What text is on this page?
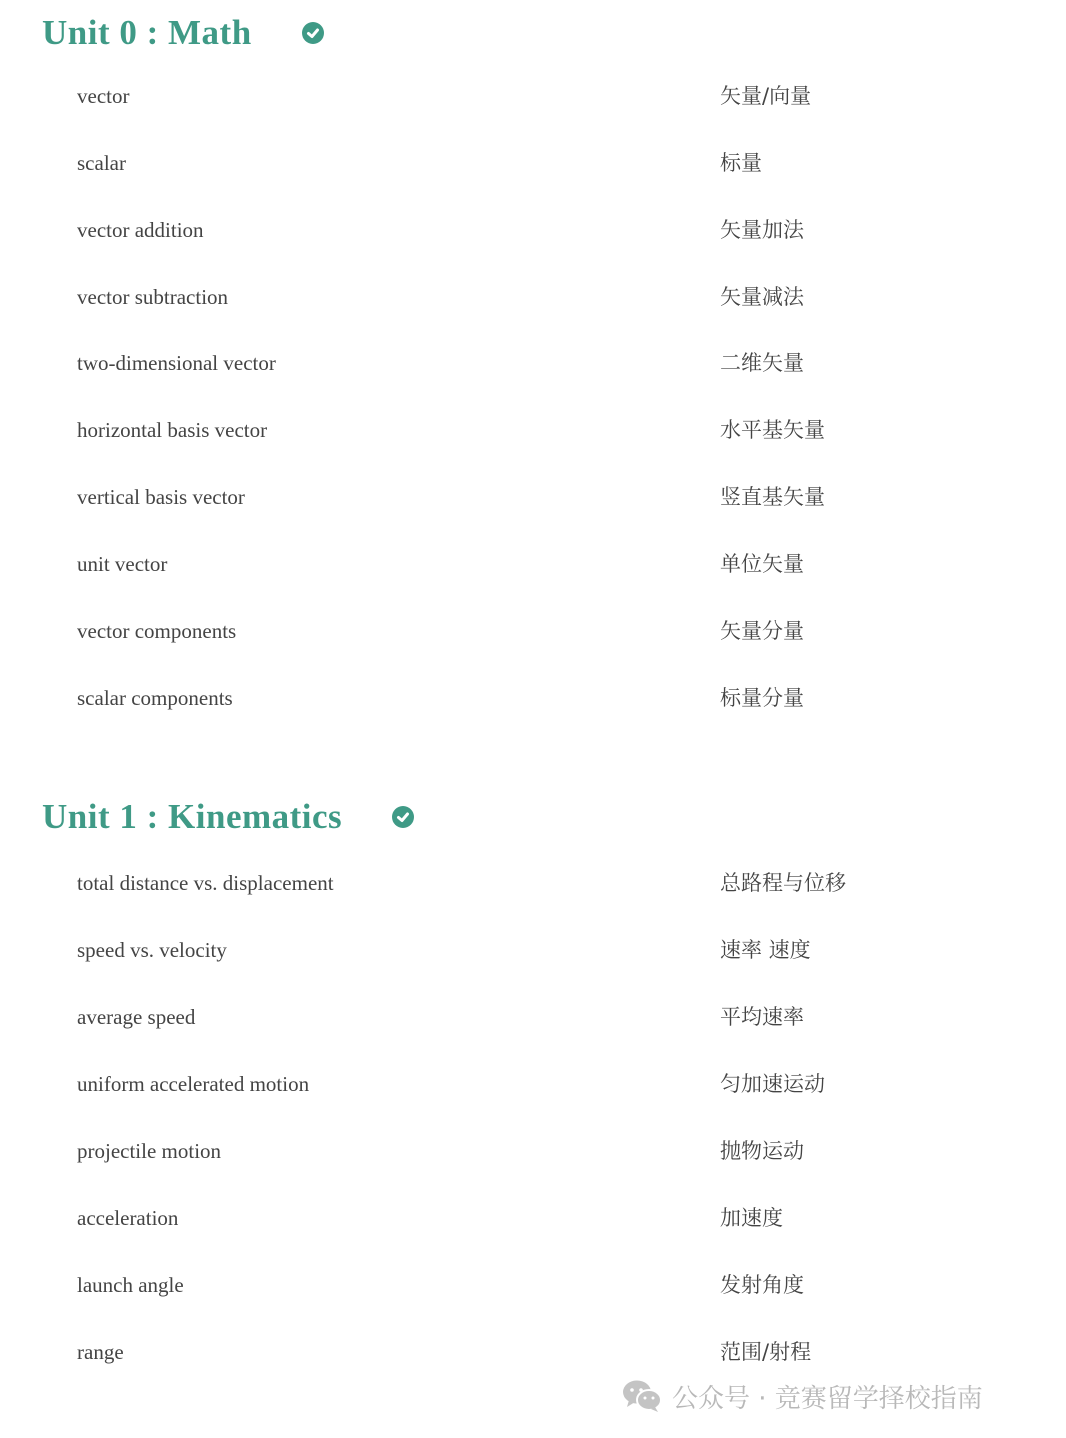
Unit 0 : Math
vector	矢量/向量
scalar	标量
vector addition	矢量加法
vector subtraction	矢量减法
two-dimensional vector	二维矢量
horizontal basis vector	水平基矢量
vertical basis vector	竖直基矢量
unit vector	单位矢量
vector components	矢量分量
scalar components	标量分量
Unit 1 : Kinematics
total distance vs. displacement	总路程与位移
speed vs. velocity	速率 速度
average speed	平均速率
uniform accelerated motion	匀加速运动
projectile motion	抛物运动
acceleration	加速度
launch angle	发射角度
range	范围/射程
公众号 · 竞赛留学择校指南
